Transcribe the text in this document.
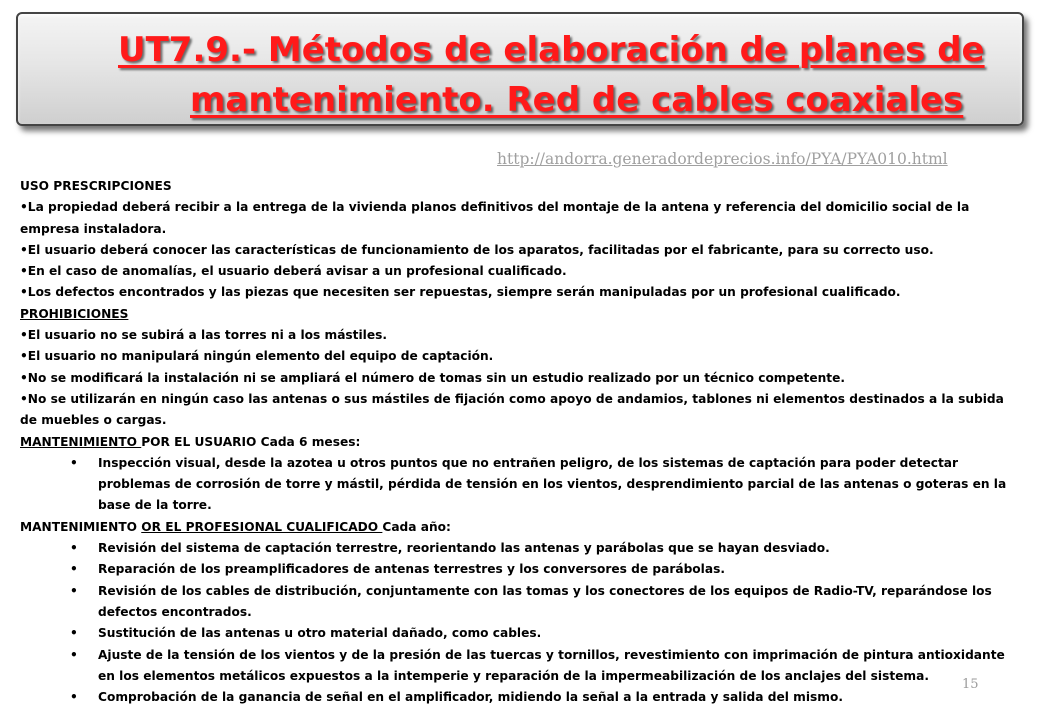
UT7.9.- Métodos de elaboración de planes de
mantenimiento. Red de cables coaxiales
http://andorra.generadordeprecios.info/PYA/PYA010.html

USO PRESCRIPCIONES

• La propiedad deberá recibir a la entrega de la vivienda planos definitivos del montaje de la antena y referencia del domicilio social de la empresa instaladora.

• El usuario deberá conocer las características de funcionamiento de los aparatos, facilitadas por el fabricante, para su correcto uso.

• En el caso de anomalías, el usuario deberá avisar a un profesional cualificado.

• Los defectos encontrados y las piezas que necesiten ser repuestas, siempre serán manipuladas por un profesional cualificado.

PROHIBICIONES

• El usuario no se subirá a las torres ni a los mástiles.

• El usuario no manipulará ningún elemento del equipo de captación.

• No se modificará la instalación ni se ampliará el número de tomas sin un estudio realizado por un técnico competente.

• No se utilizarán en ningún caso las antenas o sus mástiles de fijación como apoyo de andamios, tablones ni elementos destinados a la subida de muebles o cargas.

MANTENIMIENTO POR EL USUARIO Cada 6 meses:

• Inspección visual, desde la azotea u otros puntos que no entrañen peligro, de los sistemas de captación para poder detectar problemas de corrosión de torre y mástil, pérdida de tensión en los vientos, desprendimiento parcial de las antenas o goteras en la base de la torre.

MANTENIMIENTO OR EL PROFESIONAL CUALIFICADO Cada año:

• Revisión del sistema de captación terrestre, reorientando las antenas y parábolas que se hayan desviado.

• Reparación de los preamplificadores de antenas terrestres y los conversores de parábolas.

• Revisión de los cables de distribución, conjuntamente con las tomas y los conectores de los equipos de Radio-TV, reparándose los defectos encontrados.

• Sustitución de las antenas u otro material dañado, como cables.

• Ajuste de la tensión de los vientos y de la presión de las tuercas y tornillos, revestimiento con imprimación de pintura antioxidante en los elementos metálicos expuestos a la intemperie y reparación de la impermeabilización de los anclajes del sistema.

• Comprobación de la ganancia de señal en el amplificador, midiendo la señal a la entrada y salida del mismo.

15
